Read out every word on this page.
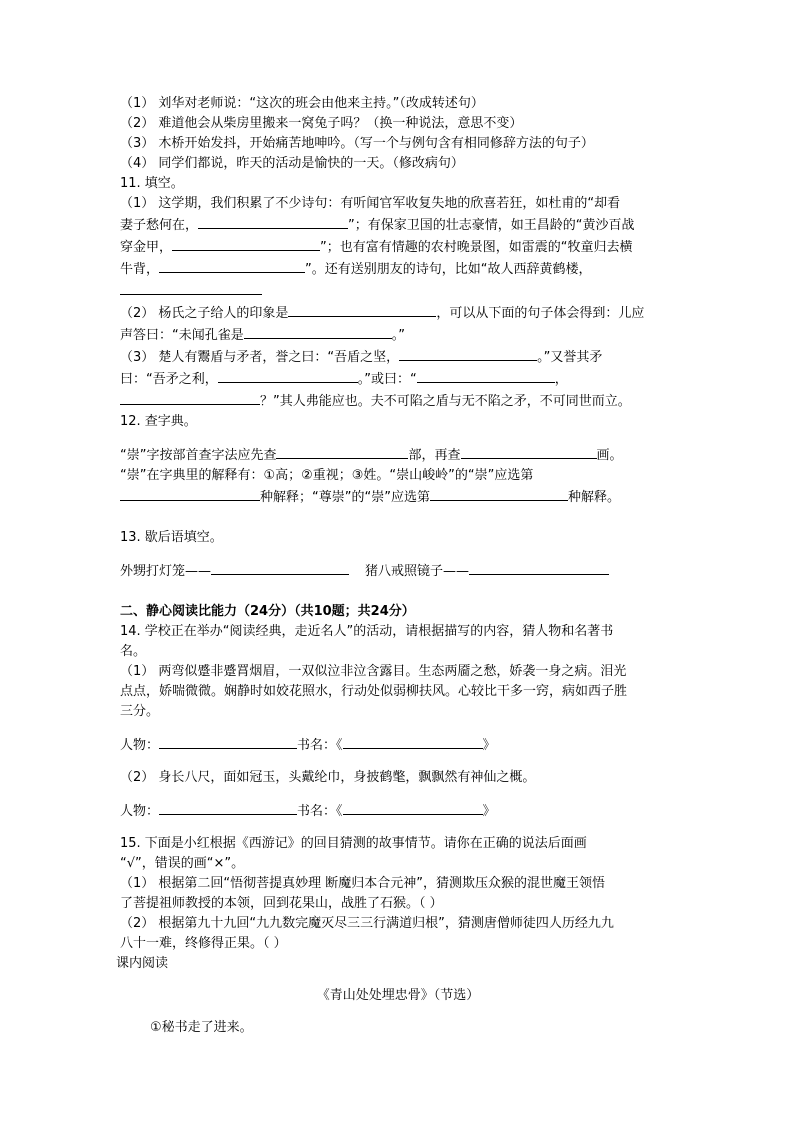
（1） 刘华对老师说：“这次的班会由他来主持。”（改成转述句）

（2） 难道他会从柴房里搬来一窝兔子吗？（换一种说法，意思不变）

（3） 木桥开始发抖，开始痛苦地呻吟。（写一个与例句含有相同修辞方法的句子）

（4） 同学们都说，昨天的活动是愉快的一天。（修改病句）

11. 填空。

（1） 这学期，我们积累了不少诗句：有听闻官军收复失地的欣喜若狂，如杜甫的“却看

妻子愁何在，	”；有保家卫国的壮志豪情，如王昌龄的“黄沙百战

穿金甲，	”；也有富有情趣的农村晚景图，如雷震的“牧童归去横

牛背，	”。还有送别朋友的诗句，比如“故人西辞黄鹤楼，

（2） 杨氏之子给人的印象是	，可以从下面的句子体会得到：儿应

声答曰：“未闻孔雀是	。”

（3） 楚人有鬻盾与矛者，誉之曰：“吾盾之坚，	。”又誉其矛

曰：“吾矛之利，	。”或曰：“	，

？”其人弗能应也。夫不可陷之盾与无不陷之矛，不可同世而立。

12. 查字典。

“崇”字按部首查字法应先查	部，再查	画。

“崇”在字典里的解释有：①高；②重视；③姓。“崇山峻岭”的“崇”应选第

种解释；“尊崇”的“崇”应选第	种解释。

13. 歇后语填空。

外甥打灯笼——	猪八戒照镜子——

二、静心阅读比能力（24分）（共10题；共24分）

14. 学校正在举办“阅读经典，走近名人”的活动，请根据描写的内容，猜人物和名著书

名。

（1） 两弯似蹙非蹙罥烟眉，一双似泣非泣含露目。生态两靥之愁，娇袭一身之病。泪光

点点，娇喘微微。娴静时如姣花照水，行动处似弱柳扶风。心较比干多一窍，病如西子胜

三分。

人物：	书名：《	》

（2） 身长八尺，面如冠玉，头戴纶巾，身披鹤氅，飘飘然有神仙之概。

人物：	书名：《	》

15. 下面是小红根据《西游记》的回目猜测的故事情节。请你在正确的说法后面画

“√”，错误的画“×”。

（1） 根据第二回“悟彻菩提真妙理 断魔归本合元神”，猜测欺压众猴的混世魔王领悟

了菩提祖师教授的本领，回到花果山，战胜了石猴。（ ）

（2） 根据第九十九回“九九数完魔灭尽三三行满道归根”，猜测唐僧师徒四人历经九九

八十一难，终修得正果。（ ）

课内阅读

《青山处处埋忠骨》（节选）

①秘书走了进来。
